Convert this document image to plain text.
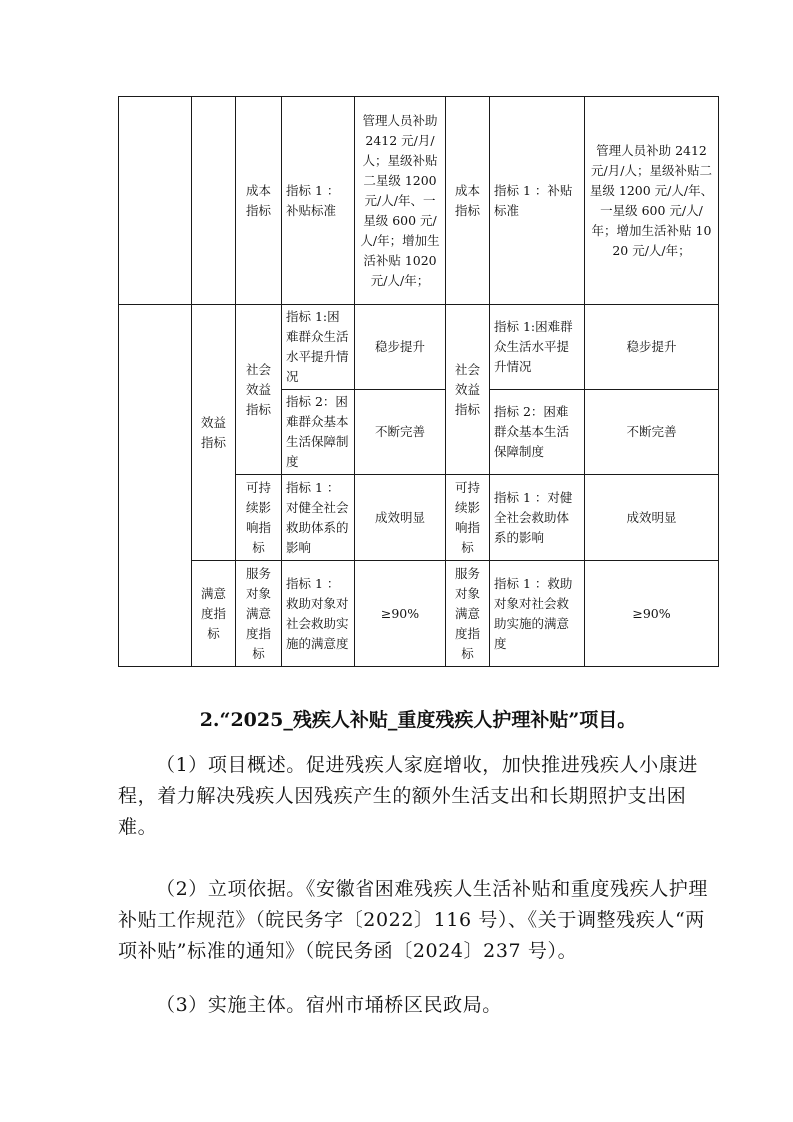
		成本指标	指标 1 ：补贴标准	管理人员补助 2412 元/月/人；星级补贴二星级 1200 元/人/年、一星级 600 元/人/年；增加生活补贴 1020 元/人/年；	成本指标	指标 1 ：补贴标准	管理人员补助 2412 元/月/人；星级补贴二星级 1200 元/人/年、一星级 600 元/人/年；增加生活补贴 1020 元/人/年；
	效益指标	社会效益指标	指标 1:困难群众生活水平提升情况	稳步提升	社会效益指标	指标 1:困难群众生活水平提升情况	稳步提升
			指标 2：困难群众基本生活保障制度	不断完善		指标 2：困难群众基本生活保障制度	不断完善
		可持续影响指标	指标 1 ：对健全社会救助体系的影响	成效明显	可持续影响指标	指标 1 ：对健全社会救助体系的影响	成效明显
	满意度指标	服务对象满意度指标	指标 1 ：救助对象对社会救助实施的满意度	≥90%	服务对象满意度指标	指标 1 ：救助对象对社会救助实施的满意度	≥90%
2.“2025_残疾人补贴_重度残疾人护理补贴”项目。

（1）项目概述。促进残疾人家庭增收，加快推进残疾人小康进程，着力解决残疾人因残疾产生的额外生活支出和长期照护支出困难。

（2）立项依据。《安徽省困难残疾人生活补贴和重度残疾人护理补贴工作规范》（皖民务字〔2022〕116 号）、《关于调整残疾人“两项补贴”标准的通知》（皖民务函〔2024〕237 号）。

（3）实施主体。宿州市埇桥区民政局。
